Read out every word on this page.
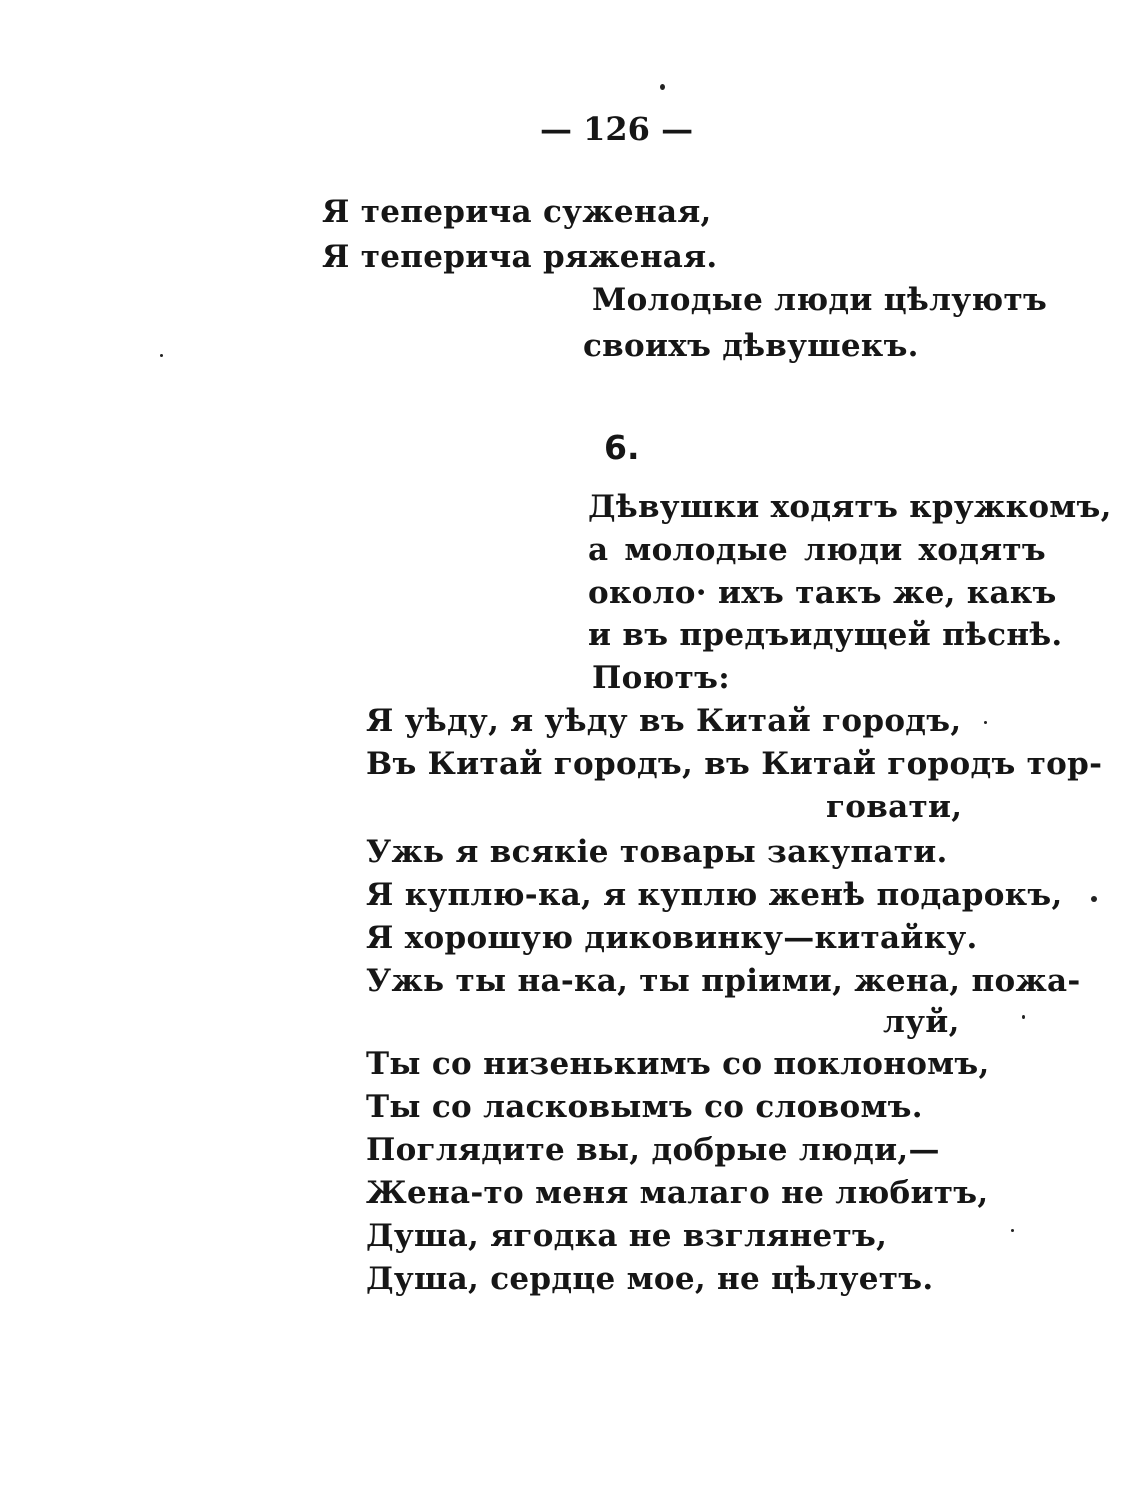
— 126 —
Я теперича суженая,
Я теперича ряженая.
Молодые люди цѣлуютъ
своихъ дѣвушекъ.
6.
Дѣвушки ходятъ кружкомъ,
а молодые люди ходятъ
около· ихъ такъ же, какъ
и въ предъидущей пѣснѣ.
Поютъ:
Я уѣду, я уѣду въ Китай городъ,
Въ Китай городъ, въ Китай городъ тор-
говати,
Ужь я всякіе товары закупати.
Я куплю-ка, я куплю женѣ подарокъ,
Я хорошую диковинку—китайку.
Ужь ты на-ка, ты пріими, жена, пожа-
луй,
Ты со низенькимъ со поклономъ,
Ты со ласковымъ со словомъ.
Поглядите вы, добрые люди,—
Жена-то меня малаго не любитъ,
Душа, ягодка не взглянетъ,
Душа, сердце мое, не цѣлуетъ.
